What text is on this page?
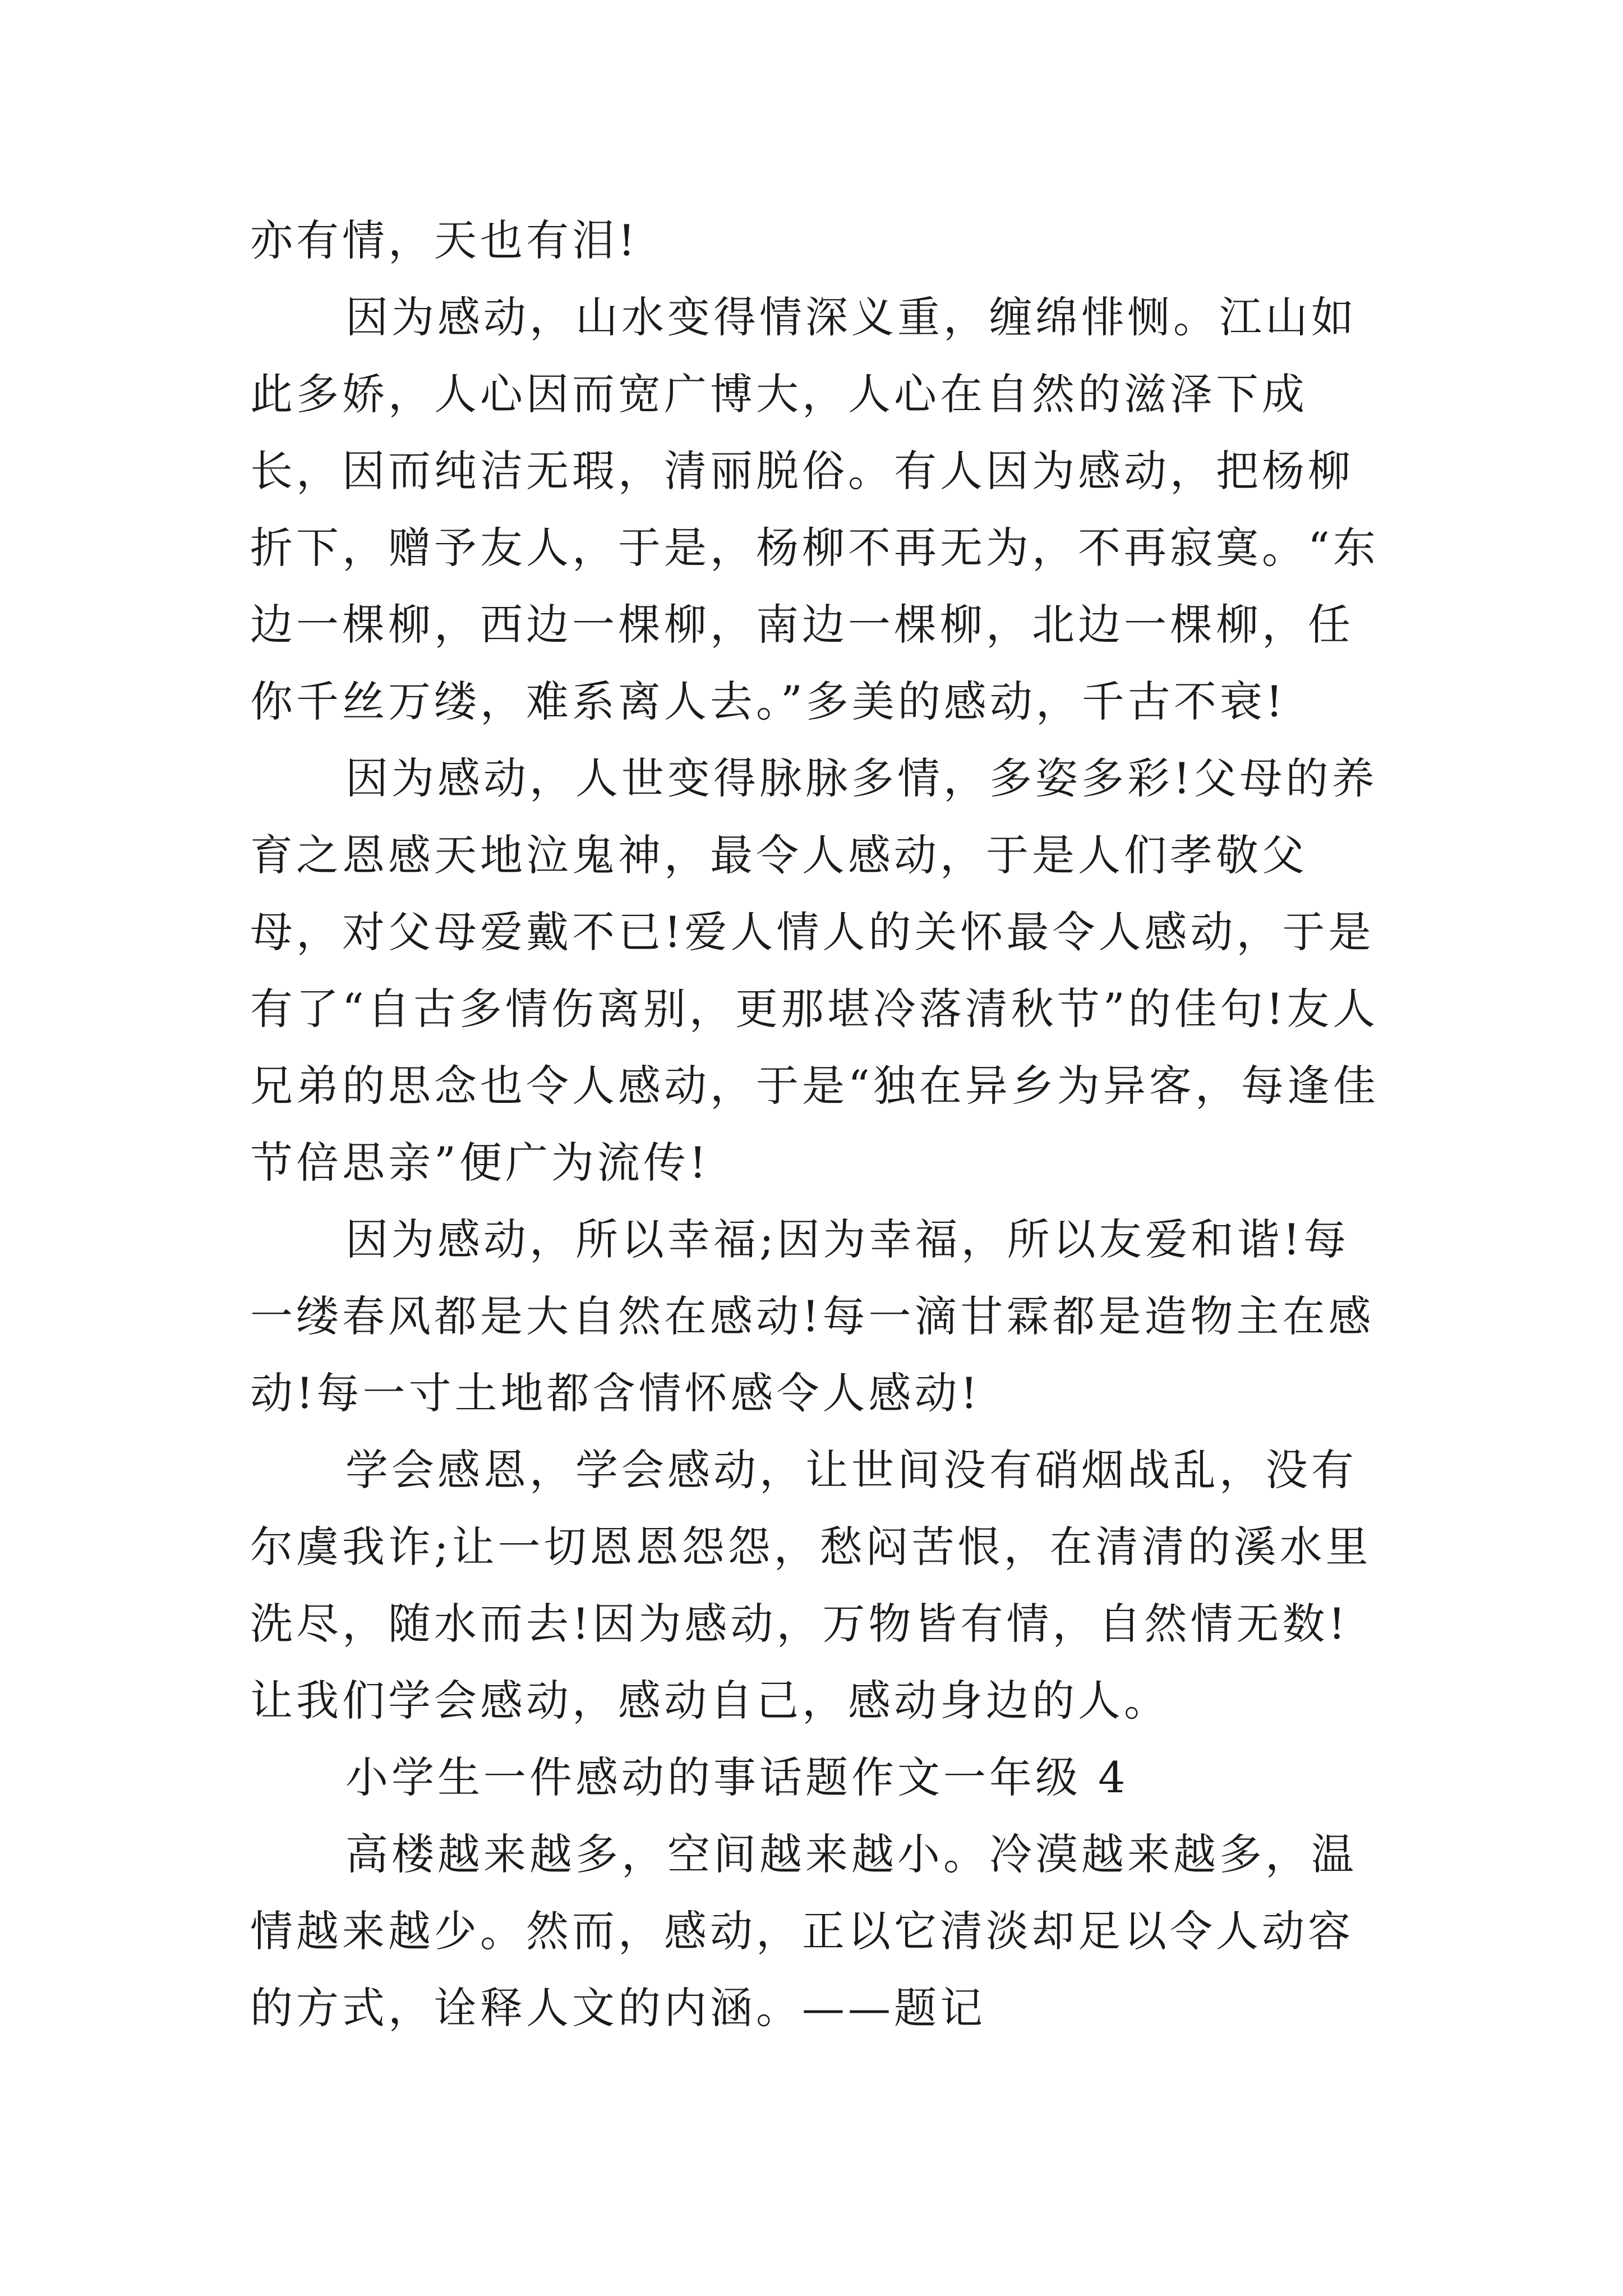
亦有情，天也有泪!

因为感动，山水变得情深义重，缠绵悱恻。江山如此多娇，人心因而宽广博大，人心在自然的滋泽下成长，因而纯洁无瑕，清丽脱俗。有人因为感动，把杨柳折下，赠予友人，于是，杨柳不再无为，不再寂寞。“东边一棵柳，西边一棵柳，南边一棵柳，北边一棵柳，任你千丝万缕，难系离人去。”多美的感动，千古不衰!

因为感动，人世变得脉脉多情，多姿多彩!父母的养育之恩感天地泣鬼神，最令人感动，于是人们孝敬父母，对父母爱戴不已!爱人情人的关怀最令人感动，于是有了“自古多情伤离别，更那堪冷落清秋节”的佳句!友人兄弟的思念也令人感动，于是“独在异乡为异客，每逢佳节倍思亲”便广为流传!

因为感动，所以幸福;因为幸福，所以友爱和谐!每一缕春风都是大自然在感动!每一滴甘霖都是造物主在感动!每一寸土地都含情怀感令人感动!

学会感恩，学会感动，让世间没有硝烟战乱，没有尔虞我诈;让一切恩恩怨怨，愁闷苦恨，在清清的溪水里洗尽，随水而去!因为感动，万物皆有情，自然情无数!让我们学会感动，感动自己，感动身边的人。

小学生一件感动的事话题作文一年级 4

高楼越来越多，空间越来越小。冷漠越来越多，温情越来越少。然而，感动，正以它清淡却足以令人动容的方式，诠释人文的内涵。——题记
